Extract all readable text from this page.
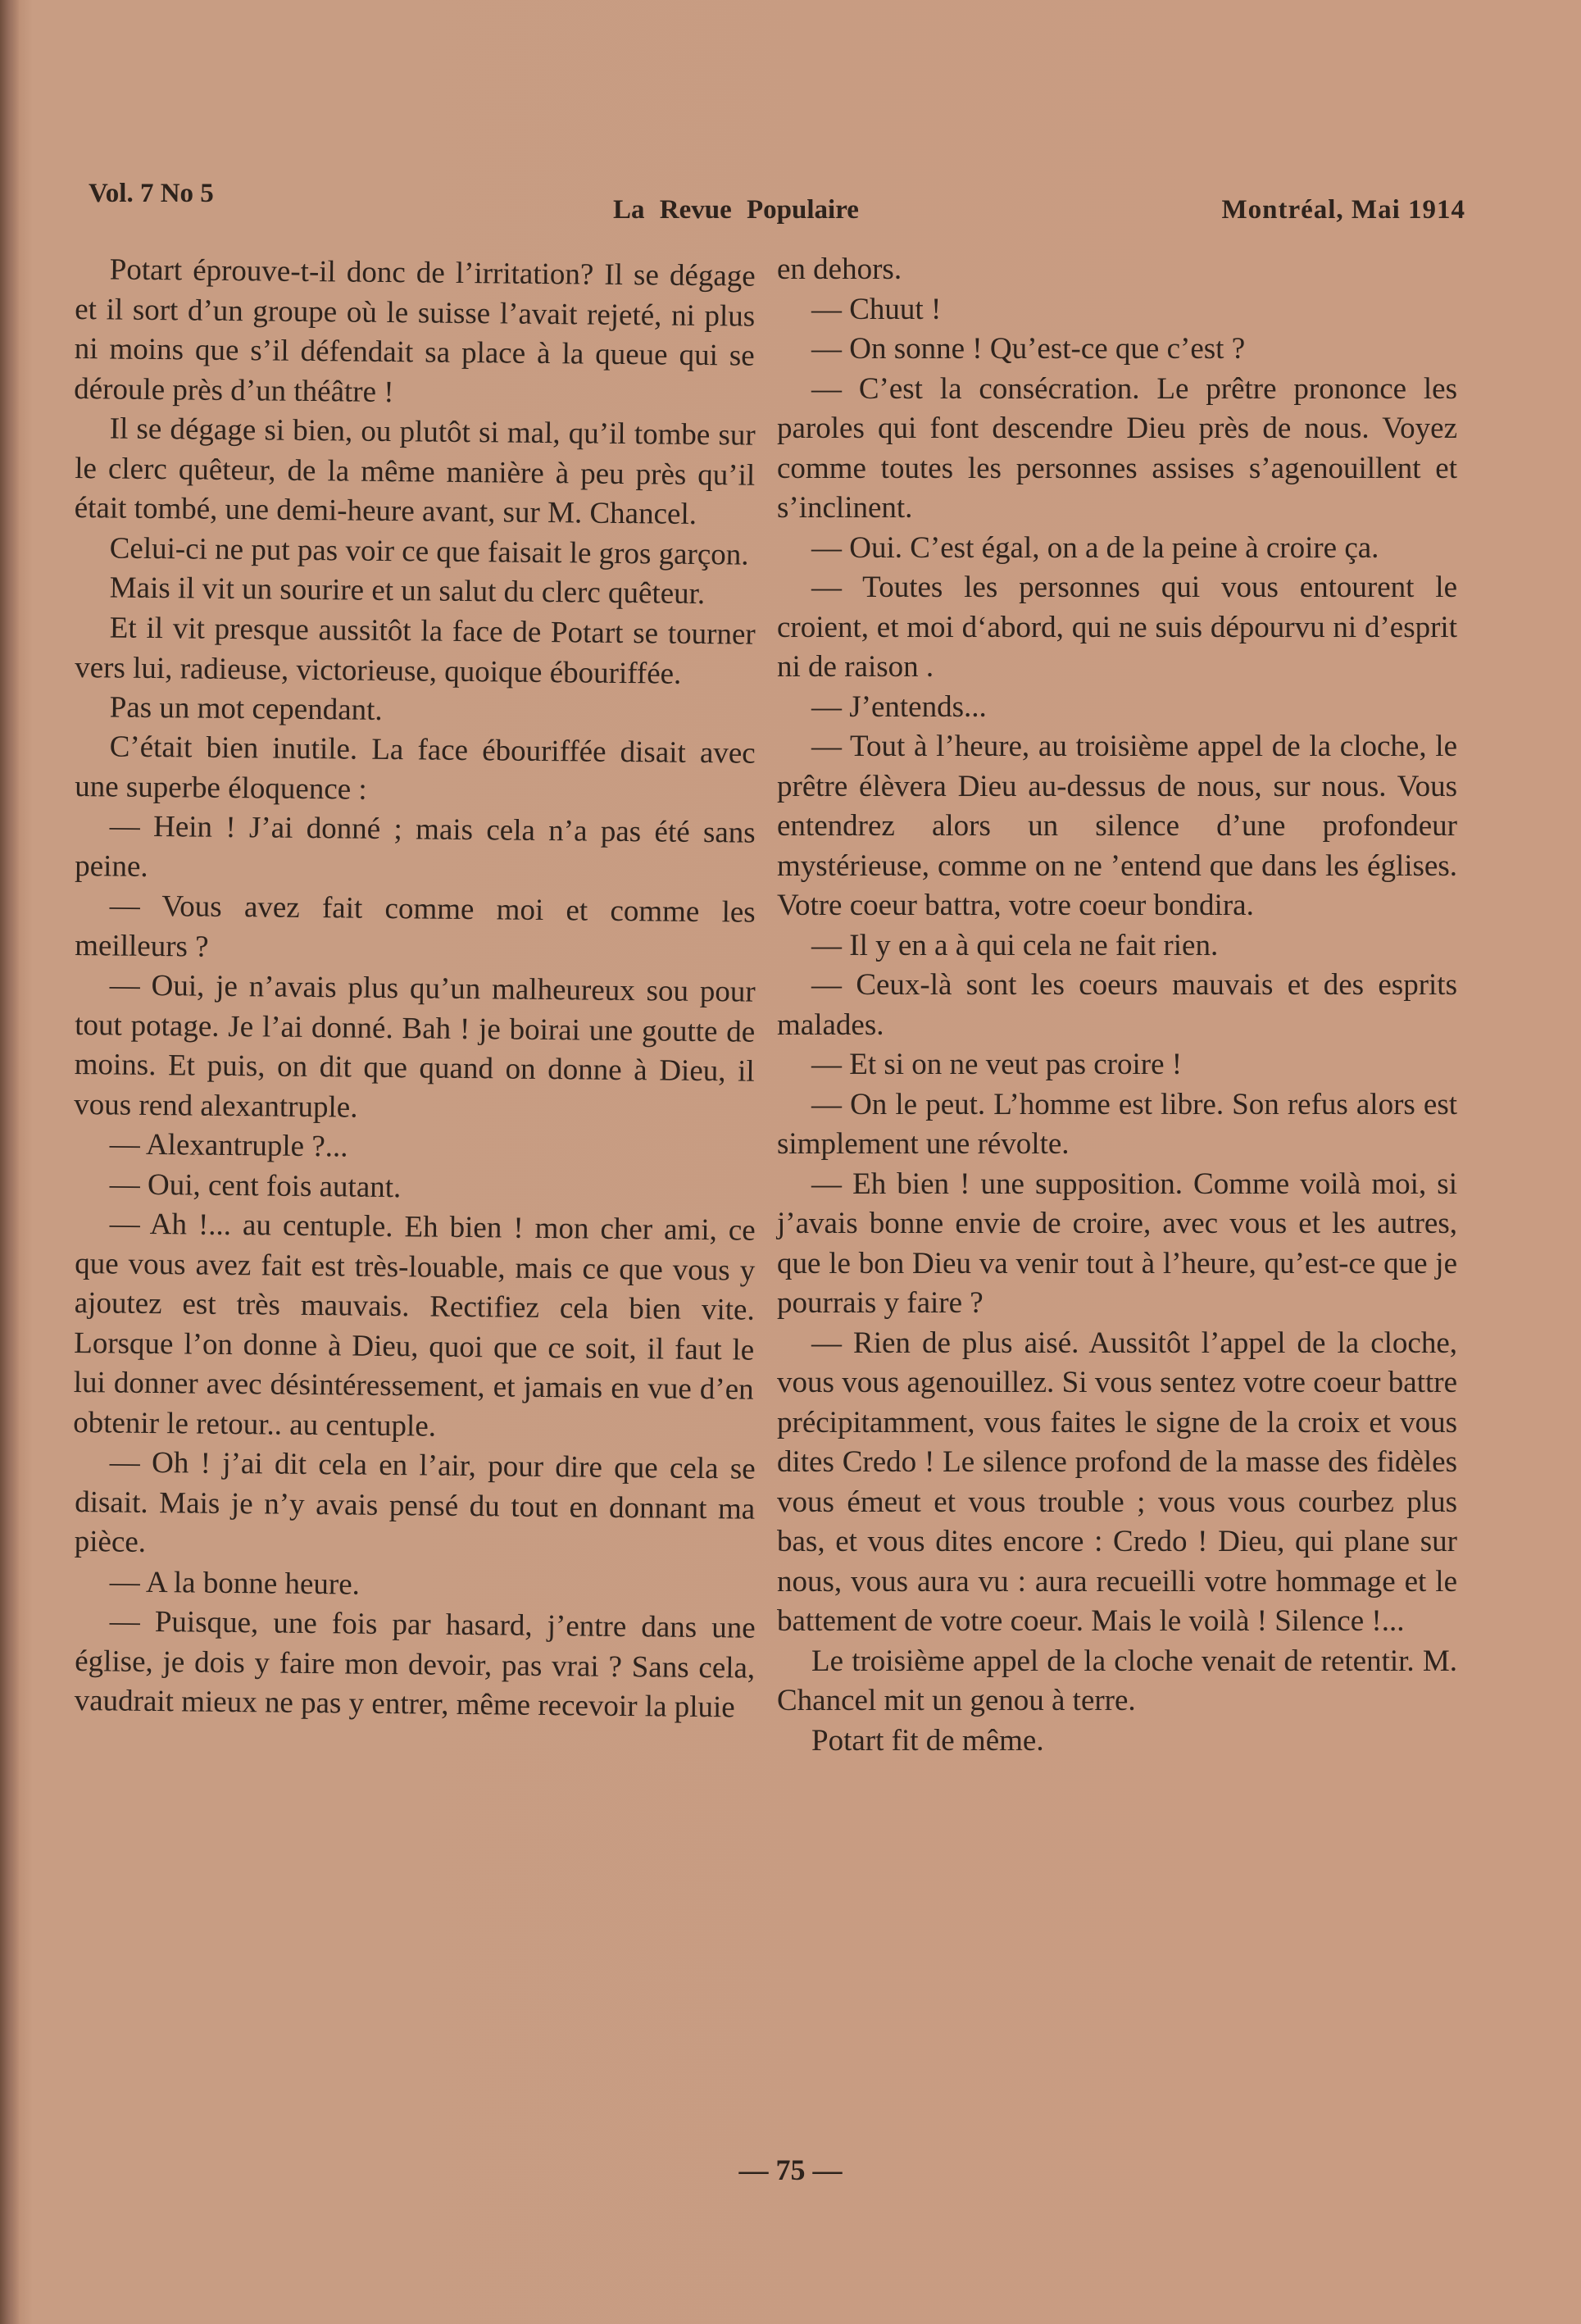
Vol. 7 No 5
La Revue Populaire	Montréal, Mai 1914

Potart éprouve-t-il donc de l’irritation? Il se dégage et il sort d’un groupe où le suisse l’avait rejeté, ni plus ni moins que s’il défendait sa place à la queue qui se déroule près d’un théâtre !

Il se dégage si bien, ou plutôt si mal, qu’il tombe sur le clerc quêteur, de la même manière à peu près qu’il était tombé, une demi-heure avant, sur M. Chancel.

Celui-ci ne put pas voir ce que faisait le gros garçon.

Mais il vit un sourire et un salut du clerc quêteur.

Et il vit presque aussitôt la face de Potart se tourner vers lui, radieuse, victorieuse, quoique ébouriffée.

Pas un mot cependant.

C’était bien inutile. La face ébouriffée disait avec une superbe éloquence :

— Hein ! J’ai donné ; mais cela n’a pas été sans peine.

— Vous avez fait comme moi et comme les meilleurs ?

— Oui, je n’avais plus qu’un malheureux sou pour tout potage. Je l’ai donné. Bah ! je boirai une goutte de moins. Et puis, on dit que quand on donne à Dieu, il vous rend alexantruple.

— Alexantruple ?...

— Oui, cent fois autant.

— Ah !... au centuple. Eh bien ! mon cher ami, ce que vous avez fait est très-louable, mais ce que vous y ajoutez est très mauvais. Rectifiez cela bien vite. Lorsque l’on donne à Dieu, quoi que ce soit, il faut le lui donner avec désintéressement, et jamais en vue d’en obtenir le retour.. au centuple.

— Oh ! j’ai dit cela en l’air, pour dire que cela se disait. Mais je n’y avais pensé du tout en donnant ma pièce.

— A la bonne heure.

— Puisque, une fois par hasard, j’entre dans une église, je dois y faire mon devoir, pas vrai ? Sans cela, vaudrait mieux ne pas y entrer, même recevoir la pluie

en dehors.

— Chuut !

— On sonne ! Qu’est-ce que c’est ?

— C’est la consécration. Le prêtre prononce les paroles qui font descendre Dieu près de nous. Voyez comme toutes les personnes assises s’agenouillent et s’inclinent.

— Oui. C’est égal, on a de la peine à croire ça.

— Toutes les personnes qui vous entourent le croient, et moi d‘abord, qui ne suis dépourvu ni d’esprit ni de raison .

— J’entends...

— Tout à l’heure, au troisième appel de la cloche, le prêtre élèvera Dieu au-dessus de nous, sur nous. Vous entendrez alors un silence d’une profondeur mystérieuse, comme on ne ’entend que dans les églises. Votre coeur battra, votre coeur bondira.

— Il y en a à qui cela ne fait rien.

— Ceux-là sont les coeurs mauvais et des esprits malades.

— Et si on ne veut pas croire !

— On le peut. L’homme est libre. Son refus alors est simplement une révolte.

— Eh bien ! une supposition. Comme voilà moi, si j’avais bonne envie de croire, avec vous et les autres, que le bon Dieu va venir tout à l’heure, qu’est-ce que je pourrais y faire ?

— Rien de plus aisé. Aussitôt l’appel de la cloche, vous vous agenouillez. Si vous sentez votre coeur battre précipitamment, vous faites le signe de la croix et vous dites Credo ! Le silence profond de la masse des fidèles vous émeut et vous trouble ; vous vous courbez plus bas, et vous dites encore : Credo ! Dieu, qui plane sur nous, vous aura vu : aura recueilli votre hommage et le battement de votre coeur. Mais le voilà ! Silence !...

Le troisième appel de la cloche venait de retentir. M. Chancel mit un genou à terre.

Potart fit de même.

— 75 —
